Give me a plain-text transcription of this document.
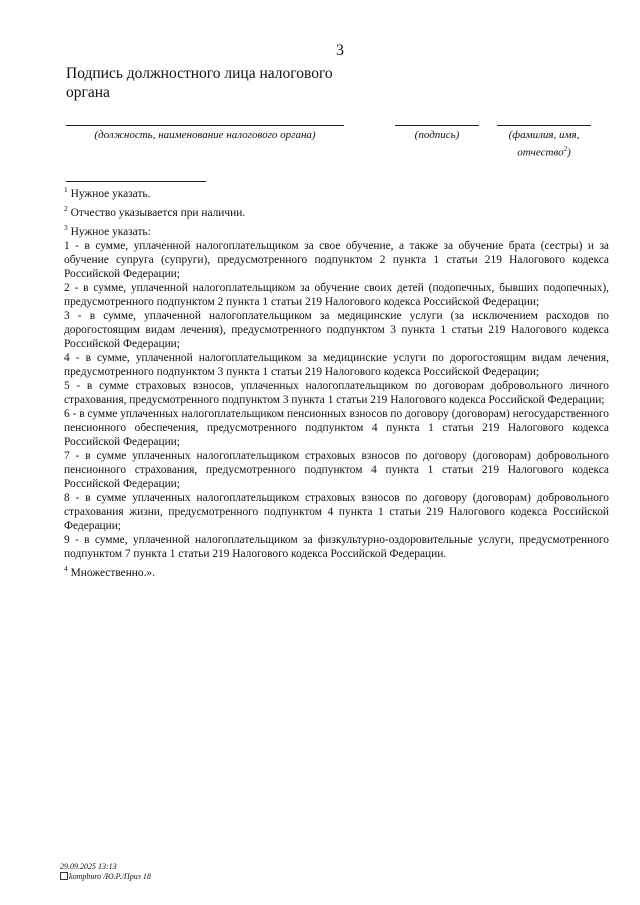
3
Подпись должностного лица налогового органа
(должность, наименование налогового органа)	(подпись)	(фамилия, имя, отчество$^2$)
$^1$ Нужное указать.
$^2$ Отчество указывается при наличии.
$^3$ Нужное указать:
1 - в сумме, уплаченной налогоплательщиком за свое обучение, а также за обучение брата (сестры) и за обучение супруга (супруги), предусмотренного подпунктом 2 пункта 1 статьи 219 Налогового кодекса Российской Федерации;
2 - в сумме, уплаченной налогоплательщиком за обучение своих детей (подопечных, бывших подопечных), предусмотренного подпунктом 2 пункта 1 статьи 219 Налогового кодекса Российской Федерации;
3 - в сумме, уплаченной налогоплательщиком за медицинские услуги (за исключением расходов по дорогостоящим видам лечения), предусмотренного подпунктом 3 пункта 1 статьи 219 Налогового кодекса Российской Федерации;
4 - в сумме, уплаченной налогоплательщиком за медицинские услуги по дорогостоящим видам лечения, предусмотренного подпунктом 3 пункта 1 статьи 219 Налогового кодекса Российской Федерации;
5 - в сумме страховых взносов, уплаченных налогоплательщиком по договорам добровольного личного страхования, предусмотренного подпунктом 3 пункта 1 статьи 219 Налогового кодекса Российской Федерации;
6 - в сумме уплаченных налогоплательщиком пенсионных взносов по договору (договорам) негосударственного пенсионного обеспечения, предусмотренного подпунктом 4 пункта 1 статьи 219 Налогового кодекса Российской Федерации;
7 - в сумме уплаченных налогоплательщиком страховых взносов по договору (договорам) добровольного пенсионного страхования, предусмотренного подпунктом 4 пункта 1 статьи 219 Налогового кодекса Российской Федерации;
8 - в сумме уплаченных налогоплательщиком страховых взносов по договору (договорам) добровольного страхования жизни, предусмотренного подпунктом 4 пункта 1 статьи 219 Налогового кодекса Российской Федерации;
9 - в сумме, уплаченной налогоплательщиком за физкультурно-оздоровительные услуги, предусмотренного подпунктом 7 пункта 1 статьи 219 Налогового кодекса Российской Федерации.
$^4$ Множественно.».
29.09.2025 13:13
kompburo /Ю.Р./Приз 18
